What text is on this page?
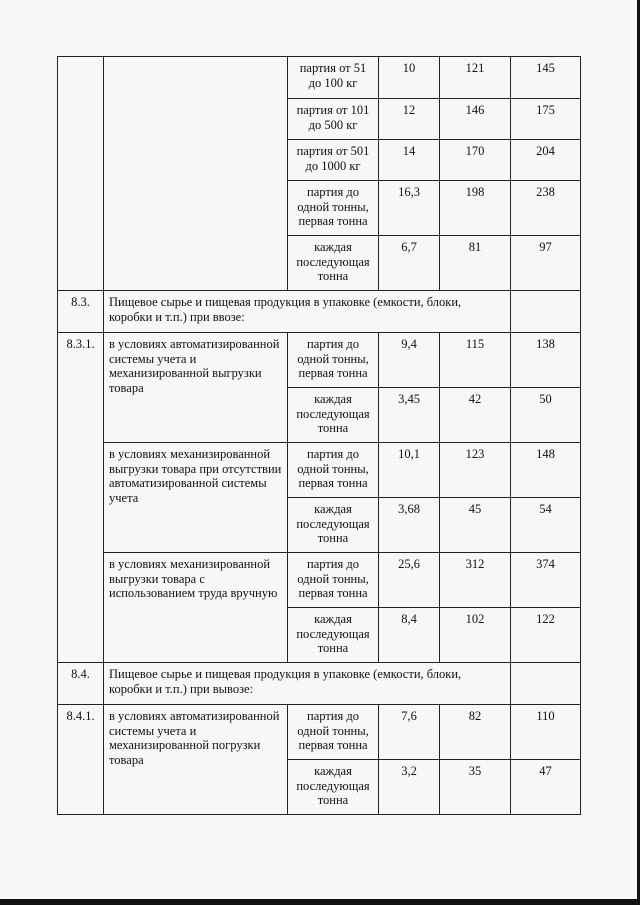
		партия от 51 до 100 кг	10	121	145
		партия от 101 до 500 кг	12	146	175
		партия от 501 до 1000 кг	14	170	204
		партия до одной тонны, первая тонна	16,3	198	238
		каждая последующая тонна	6,7	81	97
8.3.	Пищевое сырье и пищевая продукция в упаковке (емкости, блоки, коробки и т.п.) при ввозе:				
8.3.1.	в условиях автоматизированной системы учета и механизированной выгрузки товара	партия до одной тонны, первая тонна	9,4	115	138
		каждая последующая тонна	3,45	42	50
	в условиях механизированной выгрузки товара при отсутствии автоматизированной системы учета	партия до одной тонны, первая тонна	10,1	123	148
		каждая последующая тонна	3,68	45	54
	в условиях механизированной выгрузки товара с использованием труда вручную	партия до одной тонны, первая тонна	25,6	312	374
		каждая последующая тонна	8,4	102	122
8.4.	Пищевое сырье и пищевая продукция в упаковке (емкости, блоки, коробки и т.п.) при вывозе:				
8.4.1.	в условиях автоматизированной системы учета и механизированной погрузки товара	партия до одной тонны, первая тонна	7,6	82	110
		каждая последующая тонна	3,2	35	47
